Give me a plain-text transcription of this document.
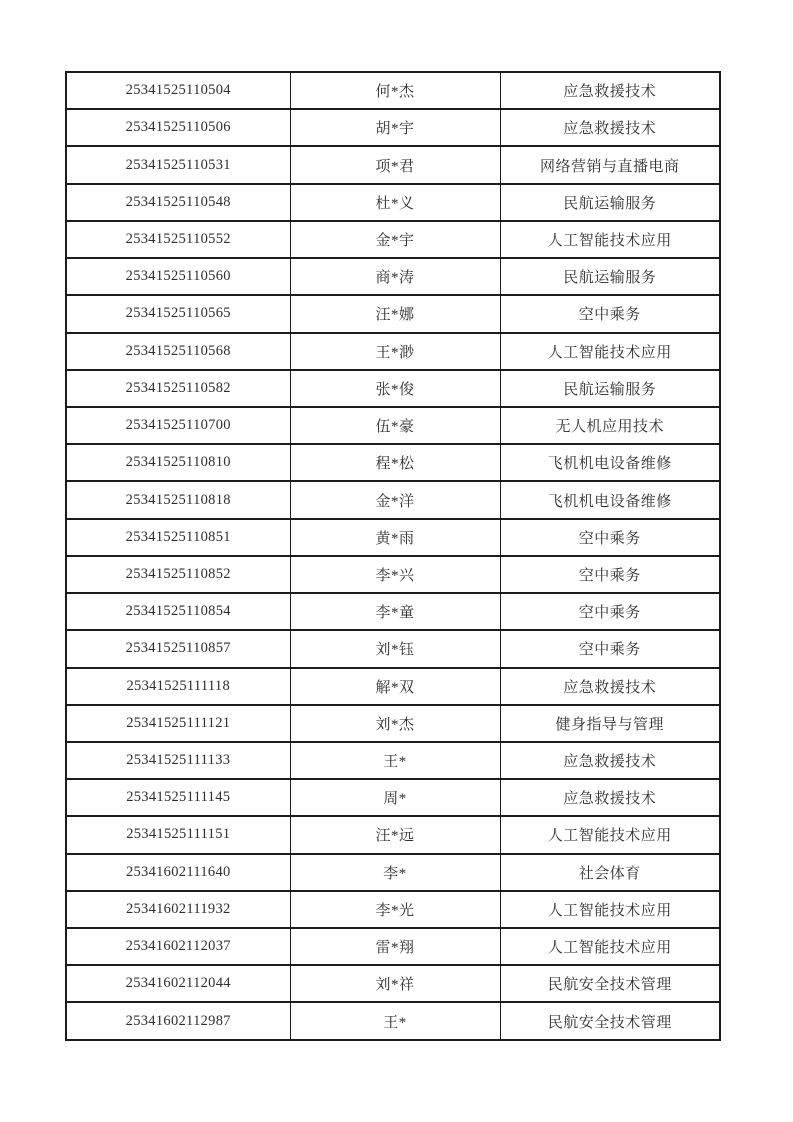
25341525110504	何*杰	应急救援技术
25341525110506	胡*宇	应急救援技术
25341525110531	项*君	网络营销与直播电商
25341525110548	杜*义	民航运输服务
25341525110552	金*宇	人工智能技术应用
25341525110560	商*涛	民航运输服务
25341525110565	汪*娜	空中乘务
25341525110568	王*渺	人工智能技术应用
25341525110582	张*俊	民航运输服务
25341525110700	伍*豪	无人机应用技术
25341525110810	程*松	飞机机电设备维修
25341525110818	金*洋	飞机机电设备维修
25341525110851	黄*雨	空中乘务
25341525110852	李*兴	空中乘务
25341525110854	李*童	空中乘务
25341525110857	刘*钰	空中乘务
25341525111118	解*双	应急救援技术
25341525111121	刘*杰	健身指导与管理
25341525111133	王*	应急救援技术
25341525111145	周*	应急救援技术
25341525111151	汪*远	人工智能技术应用
25341602111640	李*	社会体育
25341602111932	李*光	人工智能技术应用
25341602112037	雷*翔	人工智能技术应用
25341602112044	刘*祥	民航安全技术管理
25341602112987	王*	民航安全技术管理
